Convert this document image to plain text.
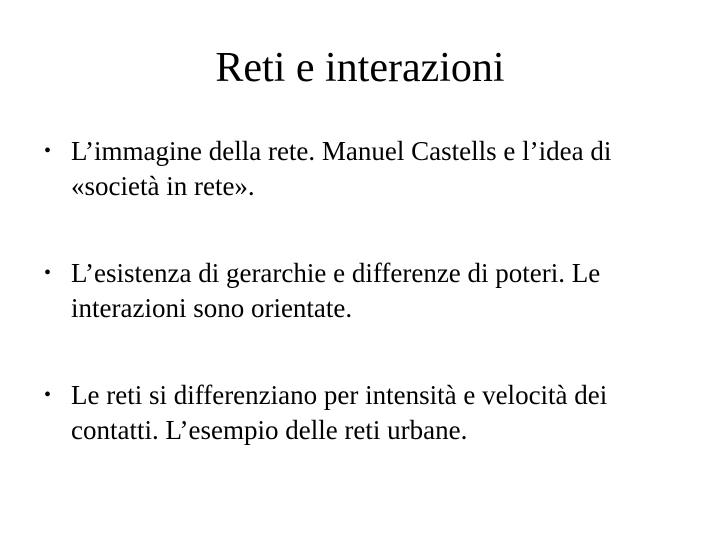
Reti e interazioni
• L’immagine della rete. Manuel Castells e l’idea di «società in rete».
• L’esistenza di gerarchie e differenze di poteri. Le interazioni sono orientate.
• Le reti si differenziano per intensità e velocità dei contatti. L’esempio delle reti urbane.
